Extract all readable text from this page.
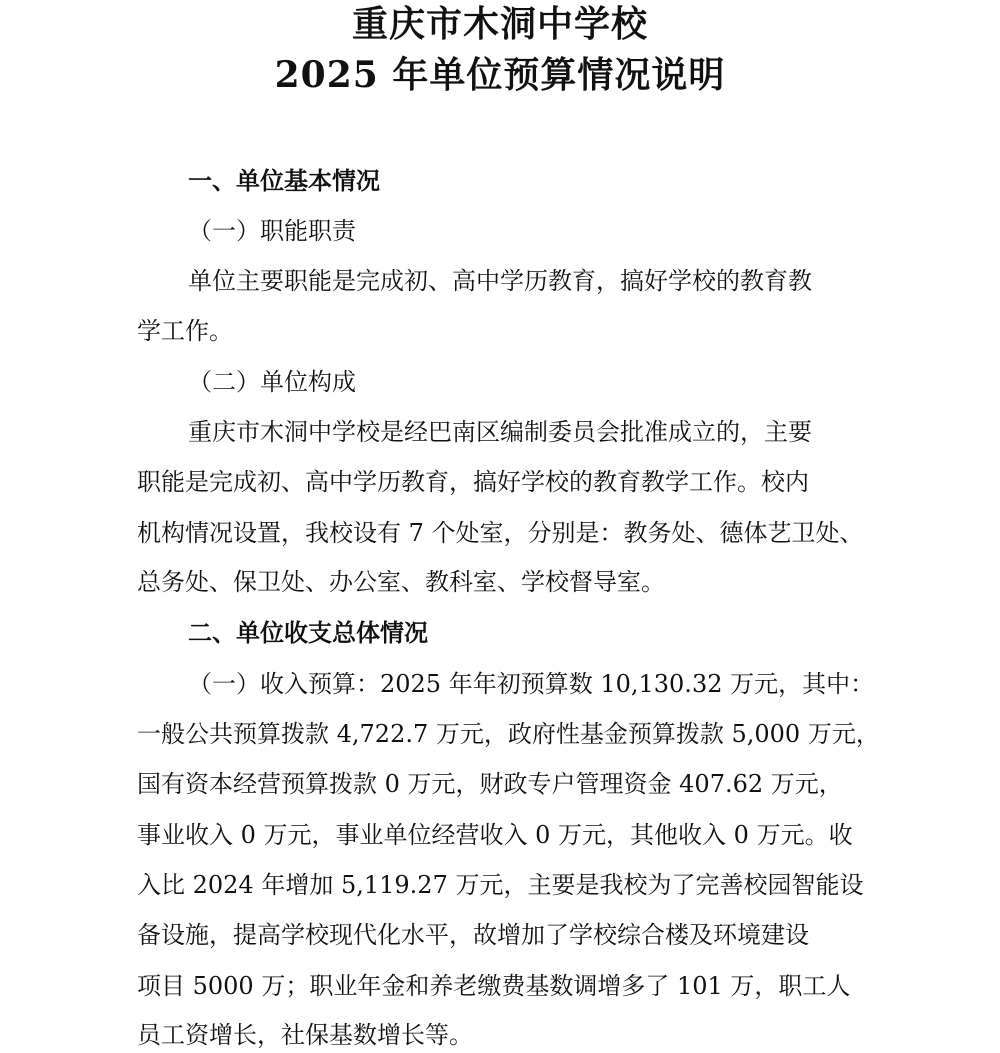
重庆市木洞中学校
2025 年单位预算情况说明
一、单位基本情况
（一）职能职责
单位主要职能是完成初、高中学历教育，搞好学校的教育教
学工作。
（二）单位构成
重庆市木洞中学校是经巴南区编制委员会批准成立的，主要
职能是完成初、高中学历教育，搞好学校的教育教学工作。校内
机构情况设置，我校设有 7 个处室，分别是：教务处、德体艺卫处、
总务处、保卫处、办公室、教科室、学校督导室。
二、单位收支总体情况
（一）收入预算：2025 年年初预算数 10,130.32 万元，其中：
一般公共预算拨款 4,722.7 万元，政府性基金预算拨款 5,000 万元，
国有资本经营预算拨款 0 万元，财政专户管理资金 407.62 万元，
事业收入 0 万元，事业单位经营收入 0 万元，其他收入 0 万元。收
入比 2024 年增加 5,119.27 万元，主要是我校为了完善校园智能设
备设施，提高学校现代化水平，故增加了学校综合楼及环境建设
项目 5000 万；职业年金和养老缴费基数调增多了 101 万，职工人
员工资增长，社保基数增长等。
